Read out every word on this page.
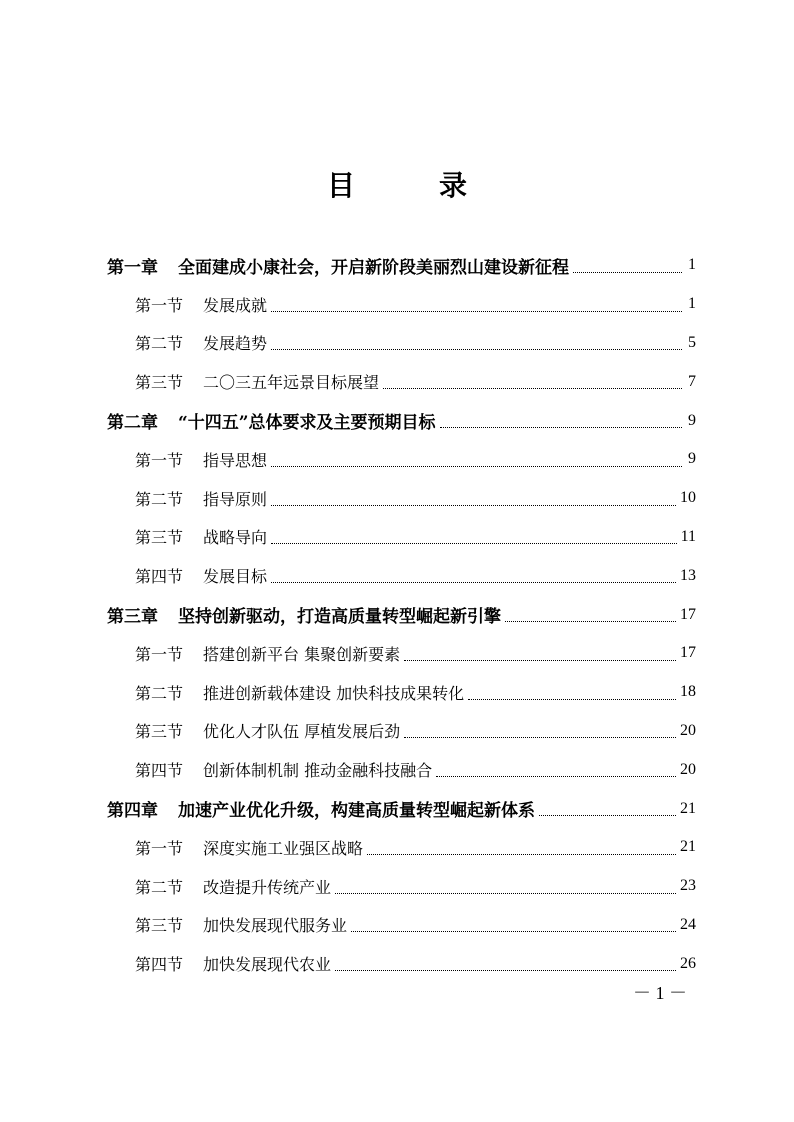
目　录
第一章 全面建成小康社会，开启新阶段美丽烈山建设新征程	1
第一节 发展成就	1
第二节 发展趋势	5
第三节 二〇三五年远景目标展望	7
第二章 “十四五”总体要求及主要预期目标	9
第一节 指导思想	9
第二节 指导原则	10
第三节 战略导向	11
第四节 发展目标	13
第三章 坚持创新驱动，打造高质量转型崛起新引擎	17
第一节 搭建创新平台 集聚创新要素	17
第二节 推进创新载体建设 加快科技成果转化	18
第三节 优化人才队伍 厚植发展后劲	20
第四节 创新体制机制 推动金融科技融合	20
第四章 加速产业优化升级，构建高质量转型崛起新体系	21
第一节 深度实施工业强区战略	21
第二节 改造提升传统产业	23
第三节 加快发展现代服务业	24
第四节 加快发展现代农业	26
－ 1 －
